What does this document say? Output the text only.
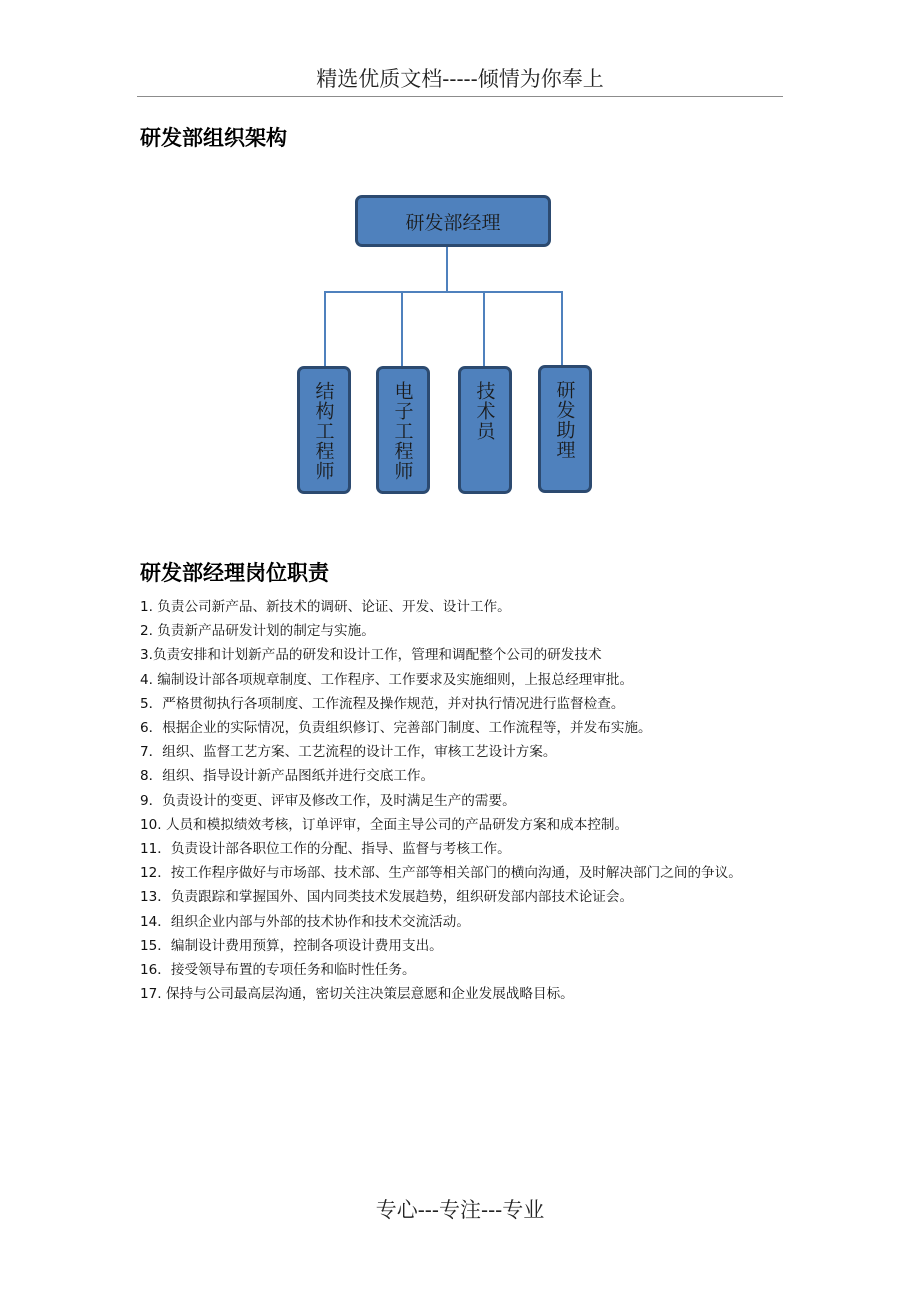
精选优质文档-----倾情为你奉上
研发部组织架构
研发部经理
结构工程师	电子工程师	技术员	研发助理
研发部经理岗位职责
1. 负责公司新产品、新技术的调研、论证、开发、设计工作。
2. 负责新产品研发计划的制定与实施。
3.负责安排和计划新产品的研发和设计工作，管理和调配整个公司的研发技术
4. 编制设计部各项规章制度、工作程序、工作要求及实施细则，上报总经理审批。
5．严格贯彻执行各项制度、工作流程及操作规范，并对执行情况进行监督检查。
6．根据企业的实际情况，负责组织修订、完善部门制度、工作流程等，并发布实施。
7．组织、监督工艺方案、工艺流程的设计工作，审核工艺设计方案。
8．组织、指导设计新产品图纸并进行交底工作。
9．负责设计的变更、评审及修改工作，及时满足生产的需要。
10. 人员和模拟绩效考核，订单评审，全面主导公司的产品研发方案和成本控制。
11．负责设计部各职位工作的分配、指导、监督与考核工作。
12．按工作程序做好与市场部、技术部、生产部等相关部门的横向沟通，及时解决部门之间的争议。
13．负责跟踪和掌握国外、国内同类技术发展趋势，组织研发部内部技术论证会。
14．组织企业内部与外部的技术协作和技术交流活动。
15．编制设计费用预算，控制各项设计费用支出。
16．接受领导布置的专项任务和临时性任务。
17. 保持与公司最高层沟通，密切关注决策层意愿和企业发展战略目标。
专心---专注---专业
